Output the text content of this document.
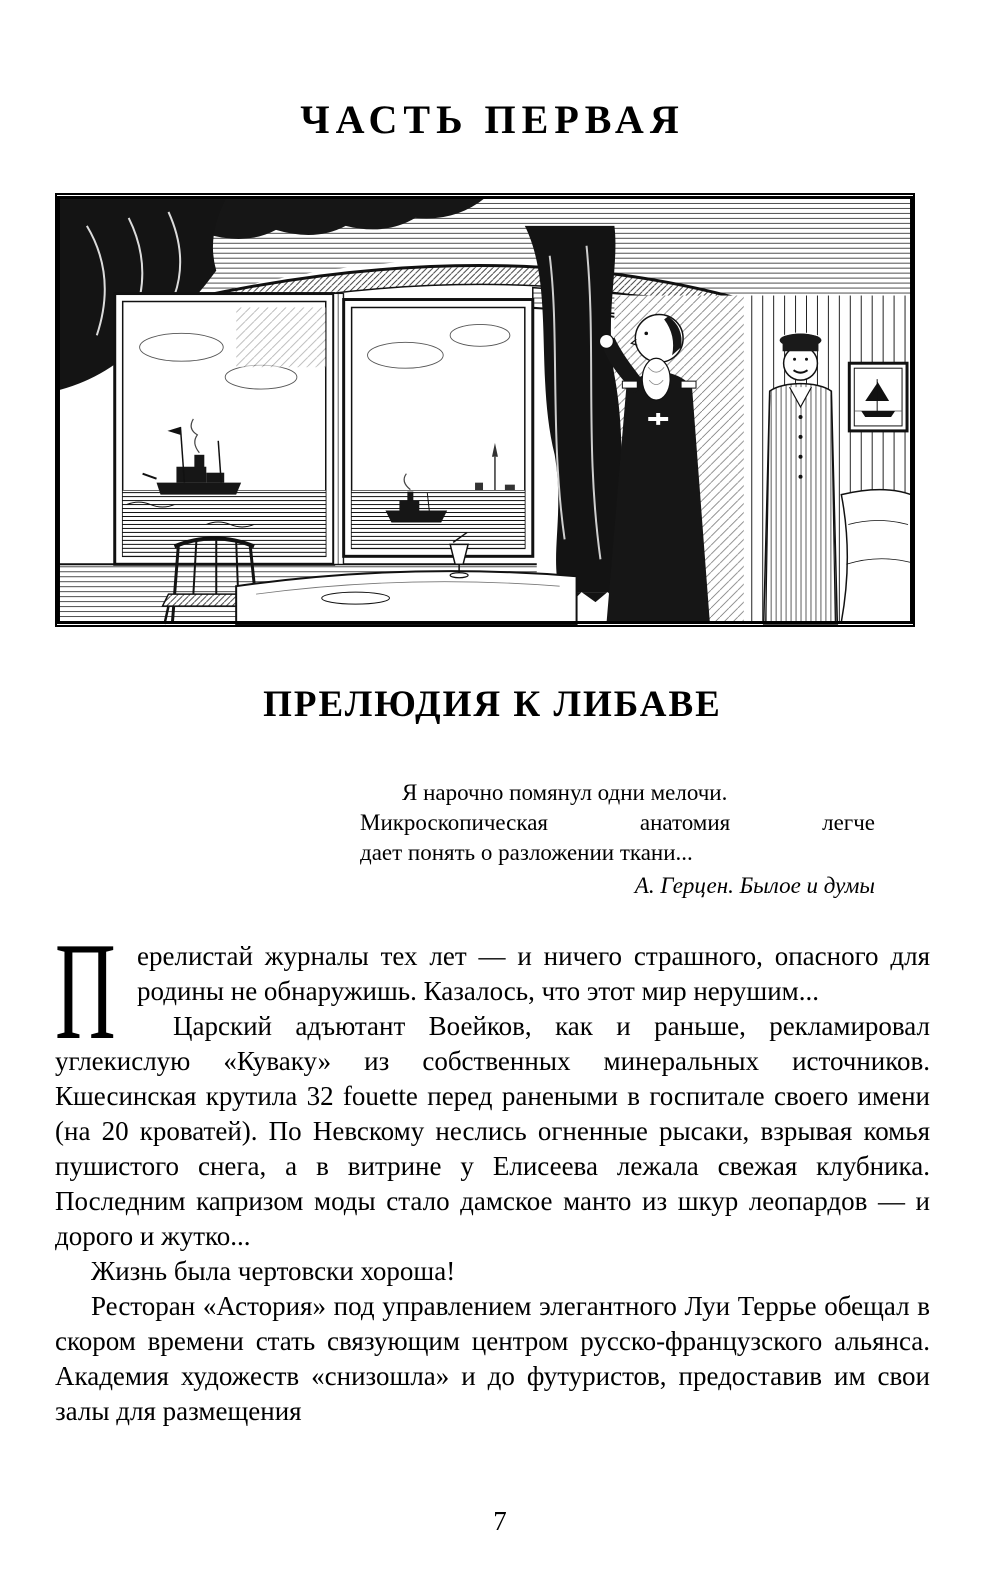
ЧАСТЬ ПЕРВАЯ
ПРЕЛЮДИЯ К ЛИБАВЕ
Я нарочно помянул одни мелочи.
Микроскопическая анатомия легче
дает понять о разложении ткани...
А. Герцен. Былое и думы

П ерелистай журналы тех лет — и ничего страшного, опасного для родины не обнаружишь. Казалось, что этот мир нерушим...

Царский адъютант Воейков, как и раньше, рекламировал углекислую «Куваку» из собственных минеральных источников. Кшесинская крутила 32 fouette перед ранеными в госпитале своего имени (на 20 кроватей). По Невскому неслись огненные рысаки, взрывая комья пушистого снега, а в витрине у Елисеева лежала свежая клубника. Последним капризом моды стало дамское манто из шкур леопардов — и дорого и жутко...

Жизнь была чертовски хороша!

Ресторан «Астория» под управлением элегантного Луи Террье обещал в скором времени стать связующим центром русско-французского альянса. Академия художеств «снизошла» и до футуристов, предоставив им свои залы для размещения

7
